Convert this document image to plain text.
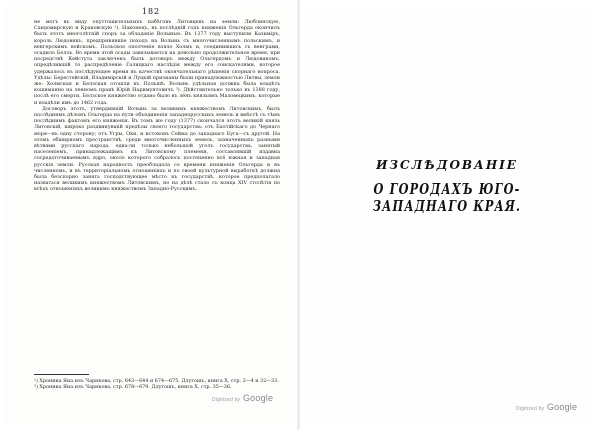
182

не могъ въ виду опустошительныхъ набѣговъ Литовцевъ на земли: Люблинскую, Сандомирскую и Краковскую ¹). Наконецъ, въ послѣдній годъ княженія Ольгерда окончилъ былъ этотъ многолѣтній споръ за обладаніе Волынью. Въ 1377 году выступили Казиміръ, король Людовикъ, предпринявшіе походъ на Волынь съ многочисленнымъ польскимъ, и венгерскимъ войскомъ. Польское ополченіе взяло Холмъ и, соединившись съ венграми, осадило Белзъ. Во время этой осады завязывается на довольно продолжительное время, при посредствѣ Кейстута заключенъ былъ договоръ между Ольгердомъ и Людовикомъ, опредѣлившій то распредѣленіе Галицкаго наслѣдія между его соискателями, которое удержалось въ послѣдующее время въ качествѣ окончательнаго рѣшенія спорнаго вопроса. Удѣлы: Берестейскій, Владимірскій и Луцкій признаны были принадлежностью Литвы, земли же: Холмская и Белзская отошли къ Польшѣ: Волынь удѣльная должна была владѣть кошиманно на ленномъ правѣ Юрій Наримунтовичъ ²). Дѣйствительно только въ 1388 году, послѣ его смерти, Белзское княжество отдано было въ лёнъ князьямъ Мазовецкимъ, которые и владѣли имъ до 1462 года.

Договоръ этотъ, утвердившій Волынь за великимъ княжествомъ Литовскимъ, былъ послѣднимъ дѣломъ Ольгерда на пути объединенія западнорусскихъ земель и вмѣстѣ съ тѣмъ послѣднимъ фактомъ его княженія. Въ томъ же году (1377) скончался этотъ великій князь Литовскій, широко раздвинувшій предѣлы своего государства: отъ Балтійскаго до Чернаго моря—въ одну сторону; отъ Угры, Оки, и истоковъ Сейма до западнаго Буга—съ другой. На этомъ обширномъ пространствѣ, среди многочисленныхъ земель, захваченныхъ разными вѣтвями русскаго народа, едва-ли только небольшой уголъ государства, занятый населеніемъ, принадлежащимъ къ Литовскому племени, составлявшій издавна сосредоточиваемымъ ядро, около которого собралось постепенно всё южная и западная русскія земли. Русская народность преобладала со времени княженія Ольгерда и въ численномъ, и въ территоріальномъ отношеніяхъ и по своей культурной выработкѣ должна была безспорно занять господствующее мѣсто въ государствѣ, которое предполагало назваться великимъ княжествомъ Литовскимъ, но на дѣлѣ стало съ конца XIV столѣтія по всѣхъ отношеніяхъ великимъ княжествомъ Западно-Русскимъ.

¹) Хроника Яна изъ Чарнкова, стр. 643—644 и 674—675. Длугошъ, книга X, стр. 2—4 и 32—33.
²) Хроника Яна изъ Чарнкова, стр. 678—679. Длугошъ, книга X, стр. 35—36.
Digitized by Google
ИЗСЛѢДОВАНІЕ
О ГОРОДАХЪ ЮГО-ЗАПАДНАГО КРАЯ.
Digitized by Google
